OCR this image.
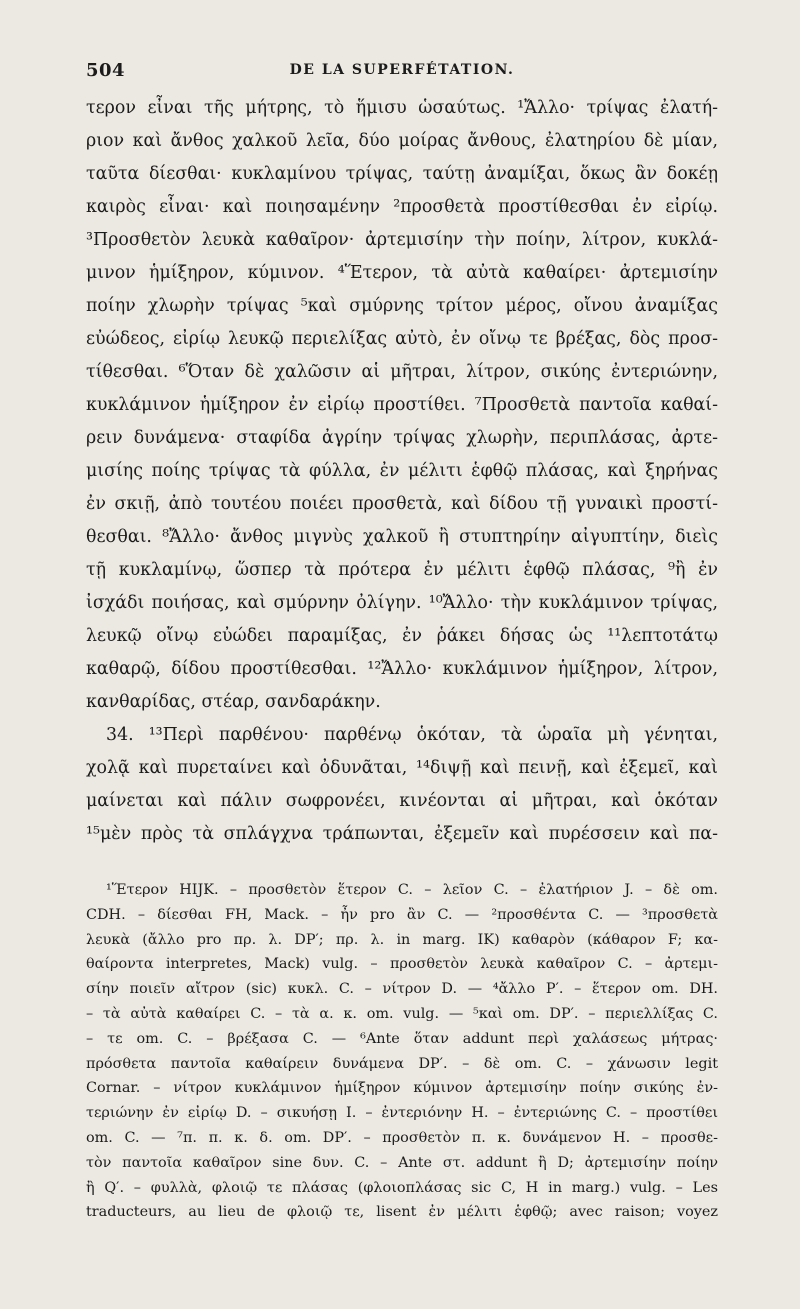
504	DE LA SUPERFÉTATION.
τερον εἶναι τῆς μήτρης, τὸ ἥμισυ ὡσαύτως. ¹Ἄλλο· τρίψας ἐλατή-
ριον καὶ ἄνθος χαλκοῦ λεῖα, δύο μοίρας ἄνθους, ἐλατηρίου δὲ μίαν,
ταῦτα δίεσθαι· κυκλαμίνου τρίψας, ταύτῃ ἀναμίξαι, ὅκως ἂν δοκέῃ
καιρὸς εἶναι· καὶ ποιησαμένην ²προσθετὰ προστίθεσθαι ἐν εἰρίῳ.
³Προσθετὸν λευκὰ καθαῖρον· ἀρτεμισίην τὴν ποίην, λίτρον, κυκλά-
μινον ἡμίξηρον, κύμινον. ⁴Ἕτερον, τὰ αὐτὰ καθαίρει· ἀρτεμισίην
ποίην χλωρὴν τρίψας ⁵καὶ σμύρνης τρίτον μέρος, οἴνου ἀναμίξας
εὐώδεος, εἰρίῳ λευκῷ περιελίξας αὐτὸ, ἐν οἴνῳ τε βρέξας, δὸς προσ-
τίθεσθαι. ⁶Ὅταν δὲ χαλῶσιν αἱ μῆτραι, λίτρον, σικύης ἐντεριώνην,
κυκλάμινον ἡμίξηρον ἐν εἰρίῳ προστίθει. ⁷Προσθετὰ παντοῖα καθαί-
ρειν δυνάμενα· σταφίδα ἀγρίην τρίψας χλωρὴν, περιπλάσας, ἀρτε-
μισίης ποίης τρίψας τὰ φύλλα, ἐν μέλιτι ἑφθῷ πλάσας, καὶ ξηρήνας
ἐν σκιῇ, ἀπὸ τουτέου ποιέει προσθετὰ, καὶ δίδου τῇ γυναικὶ προστί-
θεσθαι. ⁸Ἄλλο· ἄνθος μιγνὺς χαλκοῦ ἢ στυπτηρίην αἰγυπτίην, διεὶς
τῇ κυκλαμίνῳ, ὥσπερ τὰ πρότερα ἐν μέλιτι ἑφθῷ πλάσας, ⁹ἢ ἐν
ἰσχάδι ποιήσας, καὶ σμύρνην ὀλίγην. ¹⁰Ἄλλο· τὴν κυκλάμινον τρίψας,
λευκῷ οἴνῳ εὐώδει παραμίξας, ἐν ῥάκει δήσας ὡς ¹¹λεπτοτάτῳ
καθαρῷ, δίδου προστίθεσθαι. ¹²Ἄλλο· κυκλάμινον ἡμίξηρον, λίτρον,
κανθαρίδας, στέαρ, σανδαράκην.
34. ¹³Περὶ παρθένου· παρθένῳ ὁκόταν, τὰ ὡραῖα μὴ γένηται,
χολᾷ καὶ πυρεταίνει καὶ ὀδυνᾶται, ¹⁴διψῇ καὶ πεινῇ, καὶ ἐξεμεῖ, καὶ
μαίνεται καὶ πάλιν σωφρονέει, κινέονται αἱ μῆτραι, καὶ ὁκόταν
¹⁵μὲν πρὸς τὰ σπλάγχνα τράπωνται, ἐξεμεῖν καὶ πυρέσσειν καὶ πα-
¹Ἕτερον HIJK. – προσθετὸν ἕτερον C. – λεῖον C. – ἐλατήριον J. – δὲ om.
CDH. – δίεσθαι FH, Mack. – ἦν pro ἂν C. — ²προσθέντα C. — ³προσθετὰ
λευκὰ (ἄλλο pro πρ. λ. DP′; πρ. λ. in marg. IK) καθαρὸν (κάθαρον F; κα-
θαίροντα interpretes, Mack) vulg. – προσθετὸν λευκὰ καθαῖρον C. – ἀρτεμι-
σίην ποιεῖν αἴτρον (sic) κυκλ. C. – νίτρον D. — ⁴ἄλλο P′. – ἕτερον om. DH.
– τὰ αὐτὰ καθαίρει C. – τὰ α. κ. om. vulg. — ⁵καὶ om. DP′. – περιελλίξας C.
– τε om. C. – βρέξασα C. — ⁶Ante ὅταν addunt περὶ χαλάσεως μήτρας·
πρόσθετα παντοῖα καθαίρειν δυνάμενα DP′. – δὲ om. C. – χάνωσιν legit
Cornar. – νίτρον κυκλάμινον ἡμίξηρον κύμινον ἀρτεμισίην ποίην σικύης ἐν-
τεριώνην ἐν εἰρίῳ D. – σικυήσῃ I. – ἐντεριόνην H. – ἐντεριώνης C. – προστίθει
om. C. — ⁷π. π. κ. δ. om. DP′. – προσθετὸν π. κ. δυνάμενον H. – προσθε-
τὸν παντοῖα καθαῖρον sine δυν. C. – Ante στ. addunt ἢ D; ἀρτεμισίην ποίην
ἢ Q′. – φυλλὰ, φλοιῷ τε πλάσας (φλοιοπλάσας sic C, H in marg.) vulg. – Les
traducteurs, au lieu de φλοιῷ τε, lisent ἐν μέλιτι ἑφθῷ; avec raison; voyez
